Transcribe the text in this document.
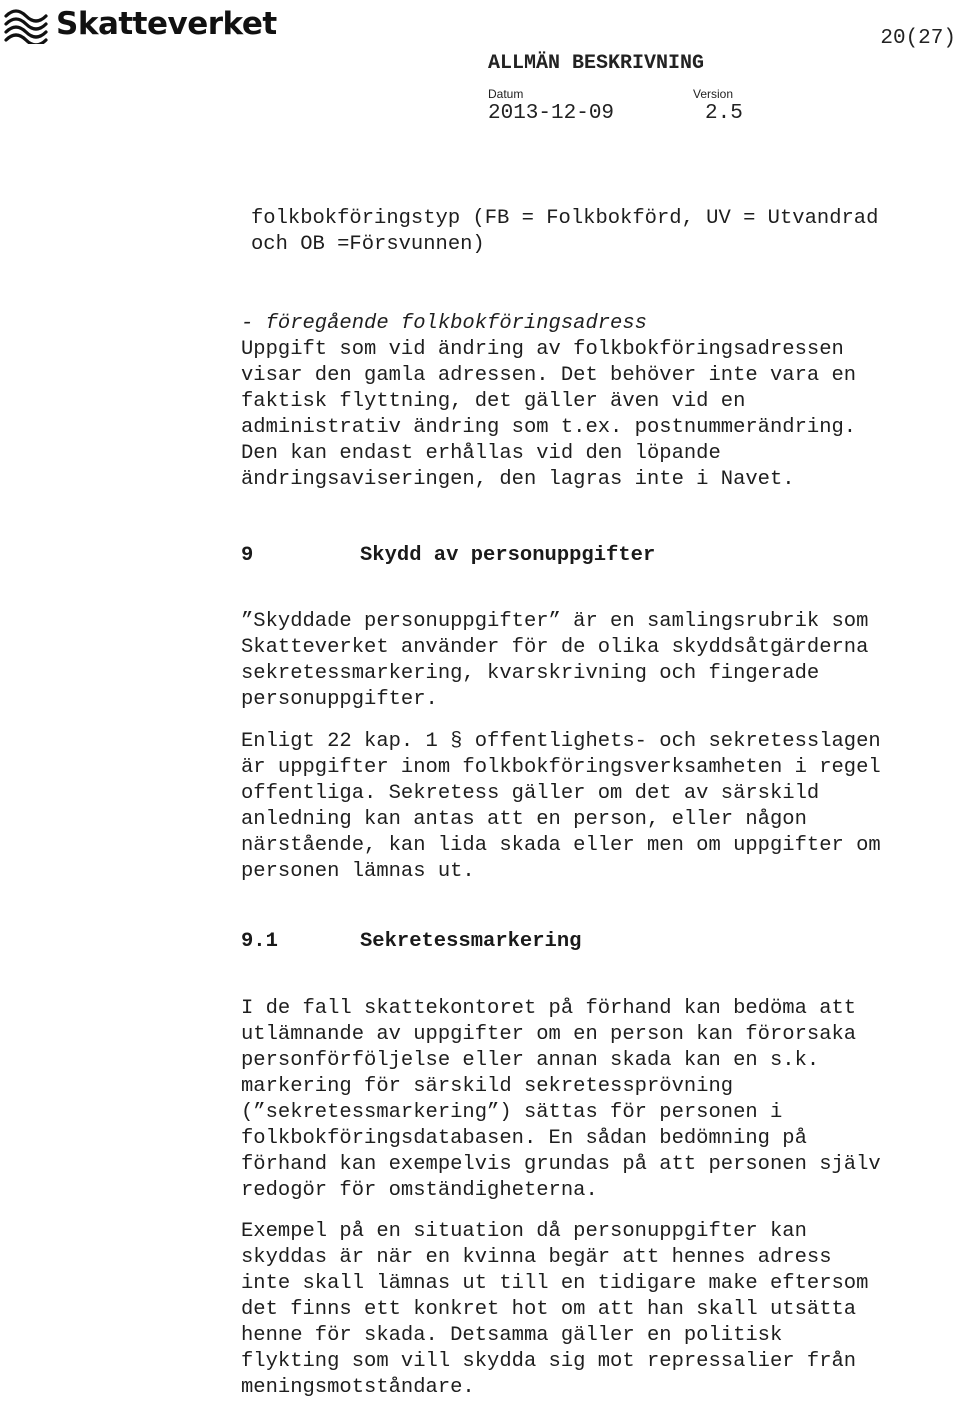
Skatteverket	20(27)
ALLMÄN BESKRIVNING
Datum	Version
2013-12-09	2.5
folkbokföringstyp (FB = Folkbokförd, UV = Utvandrad
och OB =Försvunnen)
- föregående folkbokföringsadress
Uppgift som vid ändring av folkbokföringsadressen
visar den gamla adressen. Det behöver inte vara en
faktisk flyttning, det gäller även vid en
administrativ ändring som t.ex. postnummerändring.
Den kan endast erhållas vid den löpande
ändringsaviseringen, den lagras inte i Navet.
9	Skydd av personuppgifter
”Skyddade personuppgifter” är en samlingsrubrik som
Skatteverket använder för de olika skyddsåtgärderna
sekretessmarkering, kvarskrivning och fingerade
personuppgifter.
Enligt 22 kap. 1 § offentlighets- och sekretesslagen
är uppgifter inom folkbokföringsverksamheten i regel
offentliga. Sekretess gäller om det av särskild
anledning kan antas att en person, eller någon
närstående, kan lida skada eller men om uppgifter om
personen lämnas ut.
9.1	Sekretessmarkering
I de fall skattekontoret på förhand kan bedöma att
utlämnande av uppgifter om en person kan förorsaka
personförföljelse eller annan skada kan en s.k.
markering för särskild sekretessprövning
(”sekretessmarkering”) sättas för personen i
folkbokföringsdatabasen. En sådan bedömning på
förhand kan exempelvis grundas på att personen själv
redogör för omständigheterna.
Exempel på en situation då personuppgifter kan
skyddas är när en kvinna begär att hennes adress
inte skall lämnas ut till en tidigare make eftersom
det finns ett konkret hot om att han skall utsätta
henne för skada. Detsamma gäller en politisk
flykting som vill skydda sig mot repressalier från
meningsmotståndare.
